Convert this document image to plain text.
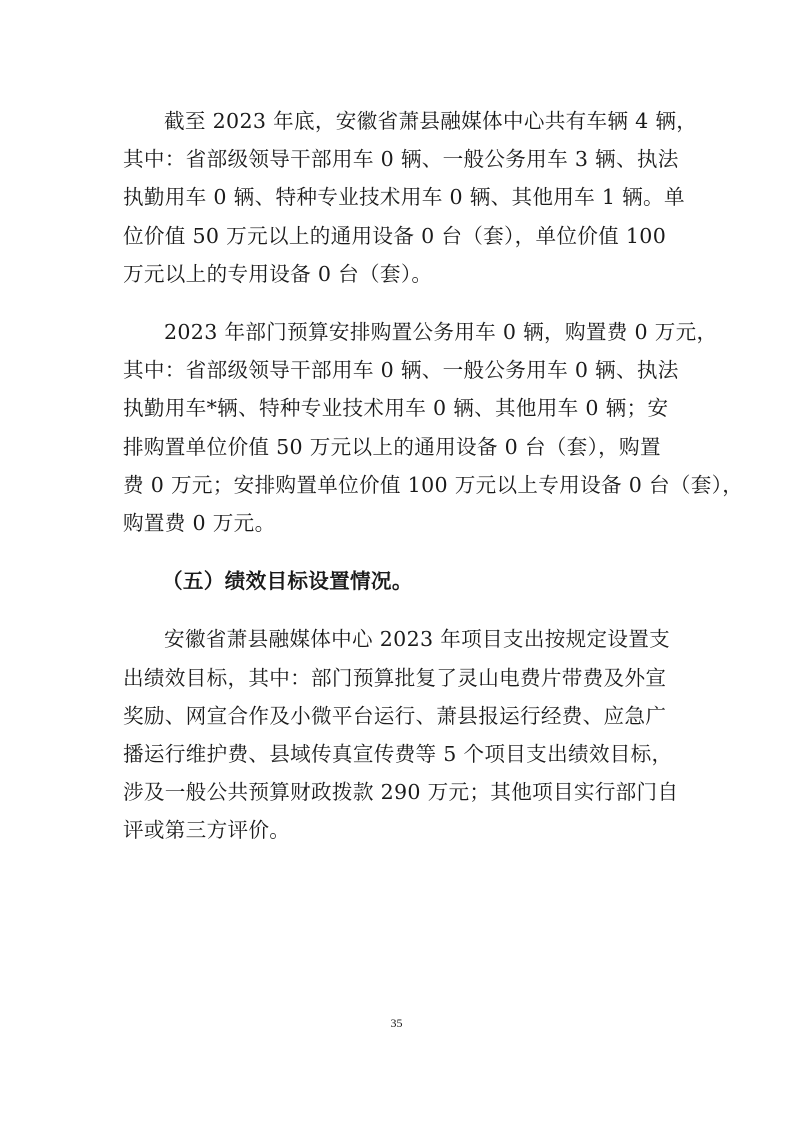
截至 2023 年底，安徽省萧县融媒体中心共有车辆 4 辆，
其中：省部级领导干部用车 0 辆、一般公务用车 3 辆、执法
执勤用车 0 辆、特种专业技术用车 0 辆、其他用车 1 辆。单
位价值 50 万元以上的通用设备 0 台（套），单位价值 100
万元以上的专用设备 0 台（套）。

2023 年部门预算安排购置公务用车 0 辆，购置费 0 万元，
其中：省部级领导干部用车 0 辆、一般公务用车 0 辆、执法
执勤用车*辆、特种专业技术用车 0 辆、其他用车 0 辆；安
排购置单位价值 50 万元以上的通用设备 0 台（套），购置
费 0 万元；安排购置单位价值 100 万元以上专用设备 0 台（套），
购置费 0 万元。

（五）绩效目标设置情况。

安徽省萧县融媒体中心 2023 年项目支出按规定设置支
出绩效目标，其中：部门预算批复了灵山电费片带费及外宣
奖励、网宣合作及小微平台运行、萧县报运行经费、应急广
播运行维护费、县域传真宣传费等 5 个项目支出绩效目标，
涉及一般公共预算财政拨款 290 万元；其他项目实行部门自
评或第三方评价。

35
